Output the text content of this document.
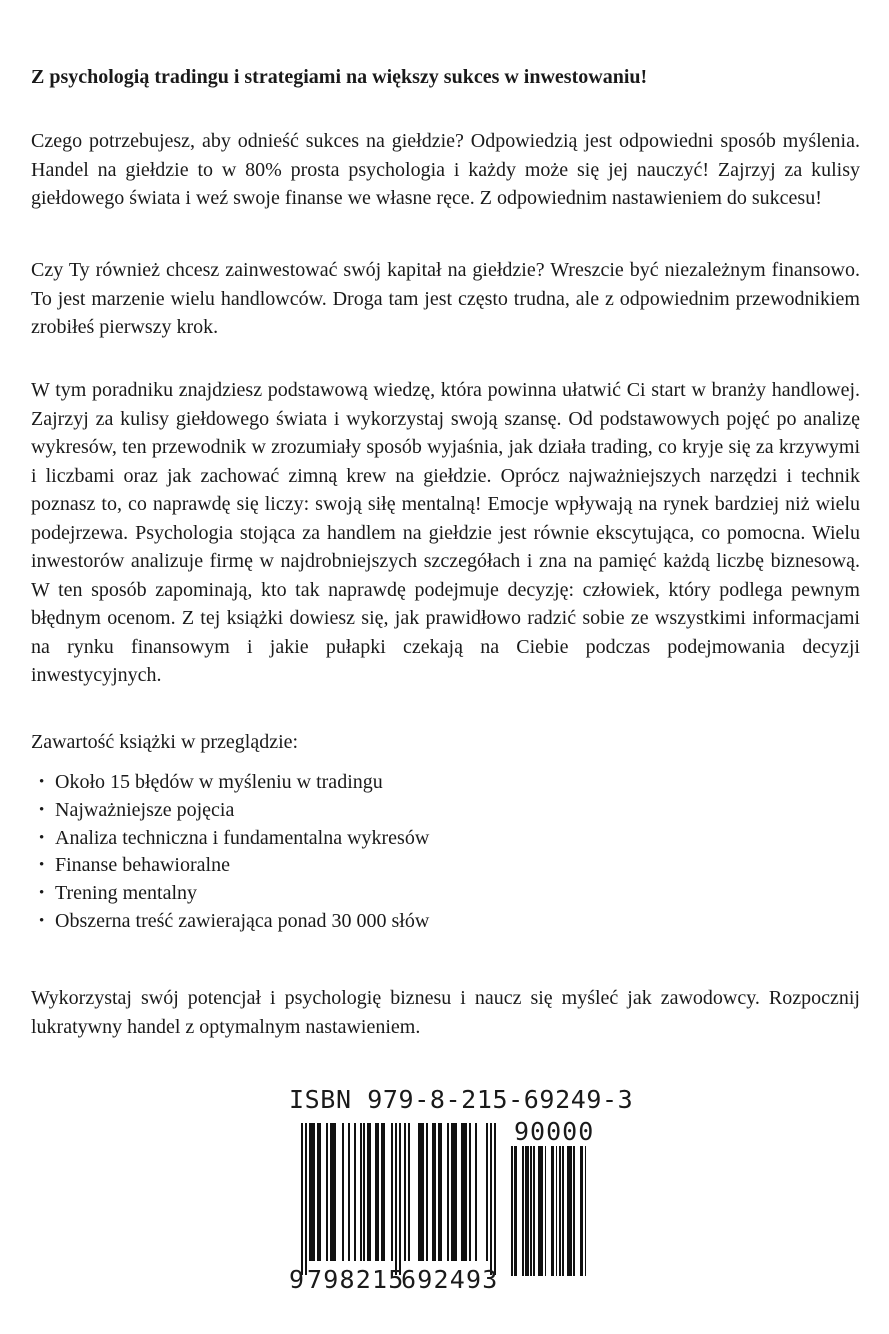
Z psychologią tradingu i strategiami na większy sukces w inwestowaniu!

Czego potrzebujesz, aby odnieść sukces na giełdzie? Odpowiedzią jest odpowiedni sposób myślenia. Handel na giełdzie to w 80% prosta psychologia i każdy może się jej nauczyć! Zajrzyj za kulisy giełdowego świata i weź swoje finanse we własne ręce. Z odpowiednim nastawieniem do sukcesu!

Czy Ty również chcesz zainwestować swój kapitał na giełdzie? Wreszcie być niezależnym finansowo. To jest marzenie wielu handlowców. Droga tam jest często trudna, ale z odpowiednim przewodnikiem zrobiłeś pierwszy krok.

W tym poradniku znajdziesz podstawową wiedzę, która powinna ułatwić Ci start w branży handlowej. Zajrzyj za kulisy giełdowego świata i wykorzystaj swoją szansę. Od podstawowych pojęć po analizę wykresów, ten przewodnik w zrozumiały sposób wyjaśnia, jak działa trading, co kryje się za krzywymi i liczbami oraz jak zachować zimną krew na giełdzie. Oprócz najważniejszych narzędzi i technik poznasz to, co naprawdę się liczy: swoją siłę mentalną! Emocje wpływają na rynek bardziej niż wielu podejrzewa. Psychologia stojąca za handlem na giełdzie jest równie ekscytująca, co pomocna. Wielu inwestorów analizuje firmę w najdrobniejszych szczegółach i zna na pamięć każdą liczbę biznesową. W ten sposób zapominają, kto tak naprawdę podejmuje decyzję: człowiek, który podlega pewnym błędnym ocenom. Z tej książki dowiesz się, jak prawidłowo radzić sobie ze wszystkimi informacjami na rynku finansowym i jakie pułapki czekają na Ciebie podczas podejmowania decyzji inwestycyjnych.

Zawartość książki w przeglądzie:

• Około 15 błędów w myśleniu w tradingu
• Najważniejsze pojęcia
• Analiza techniczna i fundamentalna wykresów
• Finanse behawioralne
• Trening mentalny
• Obszerna treść zawierająca ponad 30 000 słów

Wykorzystaj swój potencjał i psychologię biznesu i naucz się myśleć jak zawodowcy. Rozpocznij lukratywny handel z optymalnym nastawieniem.

ISBN 979-8-215-69249-3
90000
9 798215
692493
